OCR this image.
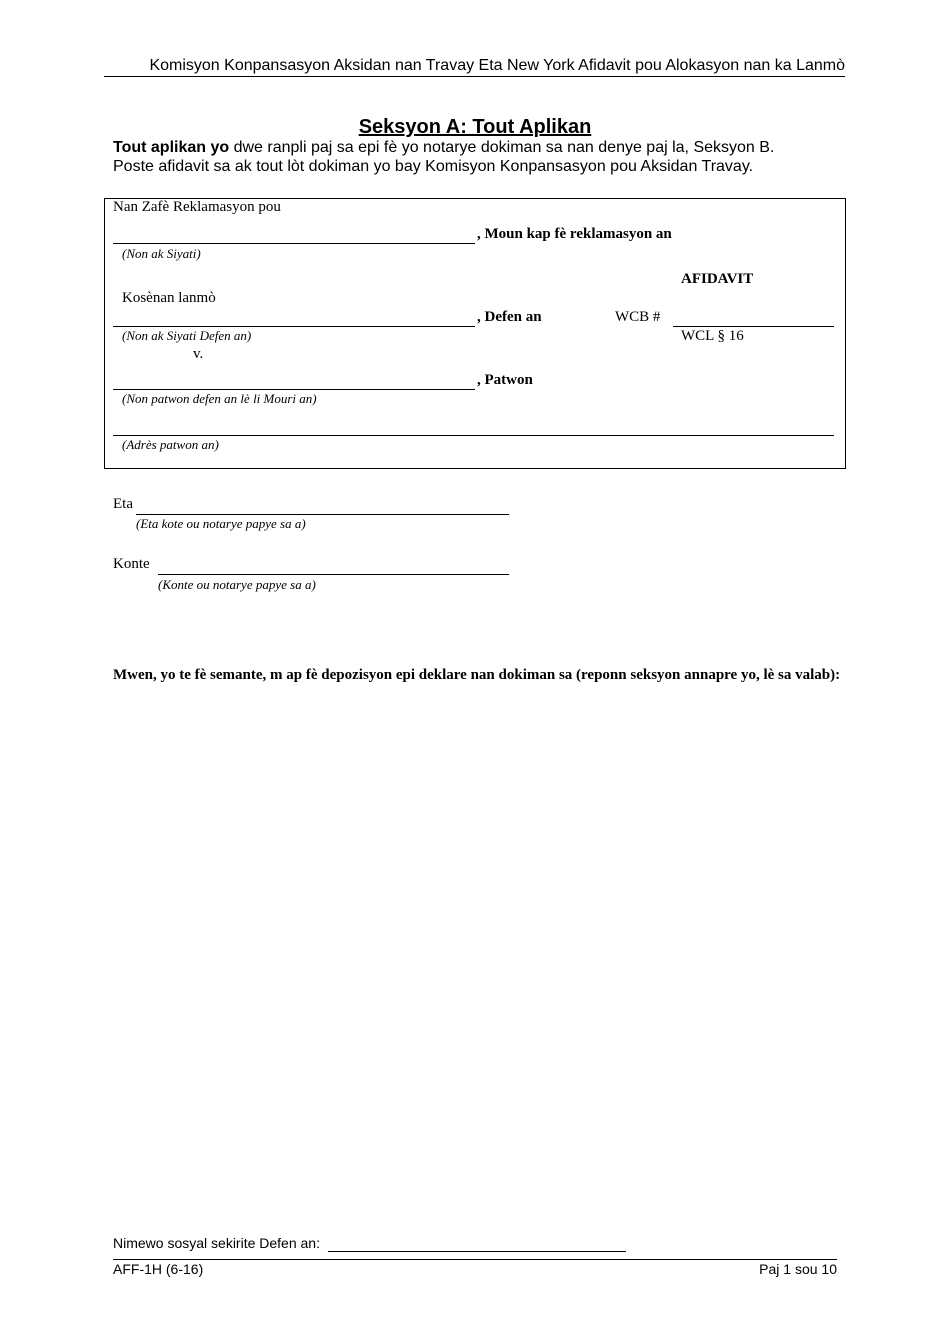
Komisyon Konpansasyon Aksidan nan Travay Eta New York Afidavit pou Alokasyon nan ka Lanmò
Seksyon A: Tout Aplikan
Tout aplikan yo dwe ranpli paj sa epi fè yo notarye dokiman sa nan denye paj la, Seksyon B.
Poste afidavit sa ak tout lòt dokiman yo bay Komisyon Konpansasyon pou Aksidan Travay.
Nan Zafè Reklamasyon pou
, Moun kap fè reklamasyon an
(Non ak Siyati)
AFIDAVIT
Kosènan lanmò
, Defen an	WCB #
WCL § 16
(Non ak Siyati Defen an)
v.
, Patwon
(Non patwon defen an lè li Mouri an)
(Adrès patwon an)
Eta
(Eta kote ou notarye papye sa a)
Konte
(Konte ou notarye papye sa a)
Mwen, yo te fè semante, m ap fè depozisyon epi deklare nan dokiman sa (reponn seksyon annapre yo, lè sa valab):
Nimewo sosyal sekirite Defen an:
AFF-1H (6-16)	Paj 1 sou 10
